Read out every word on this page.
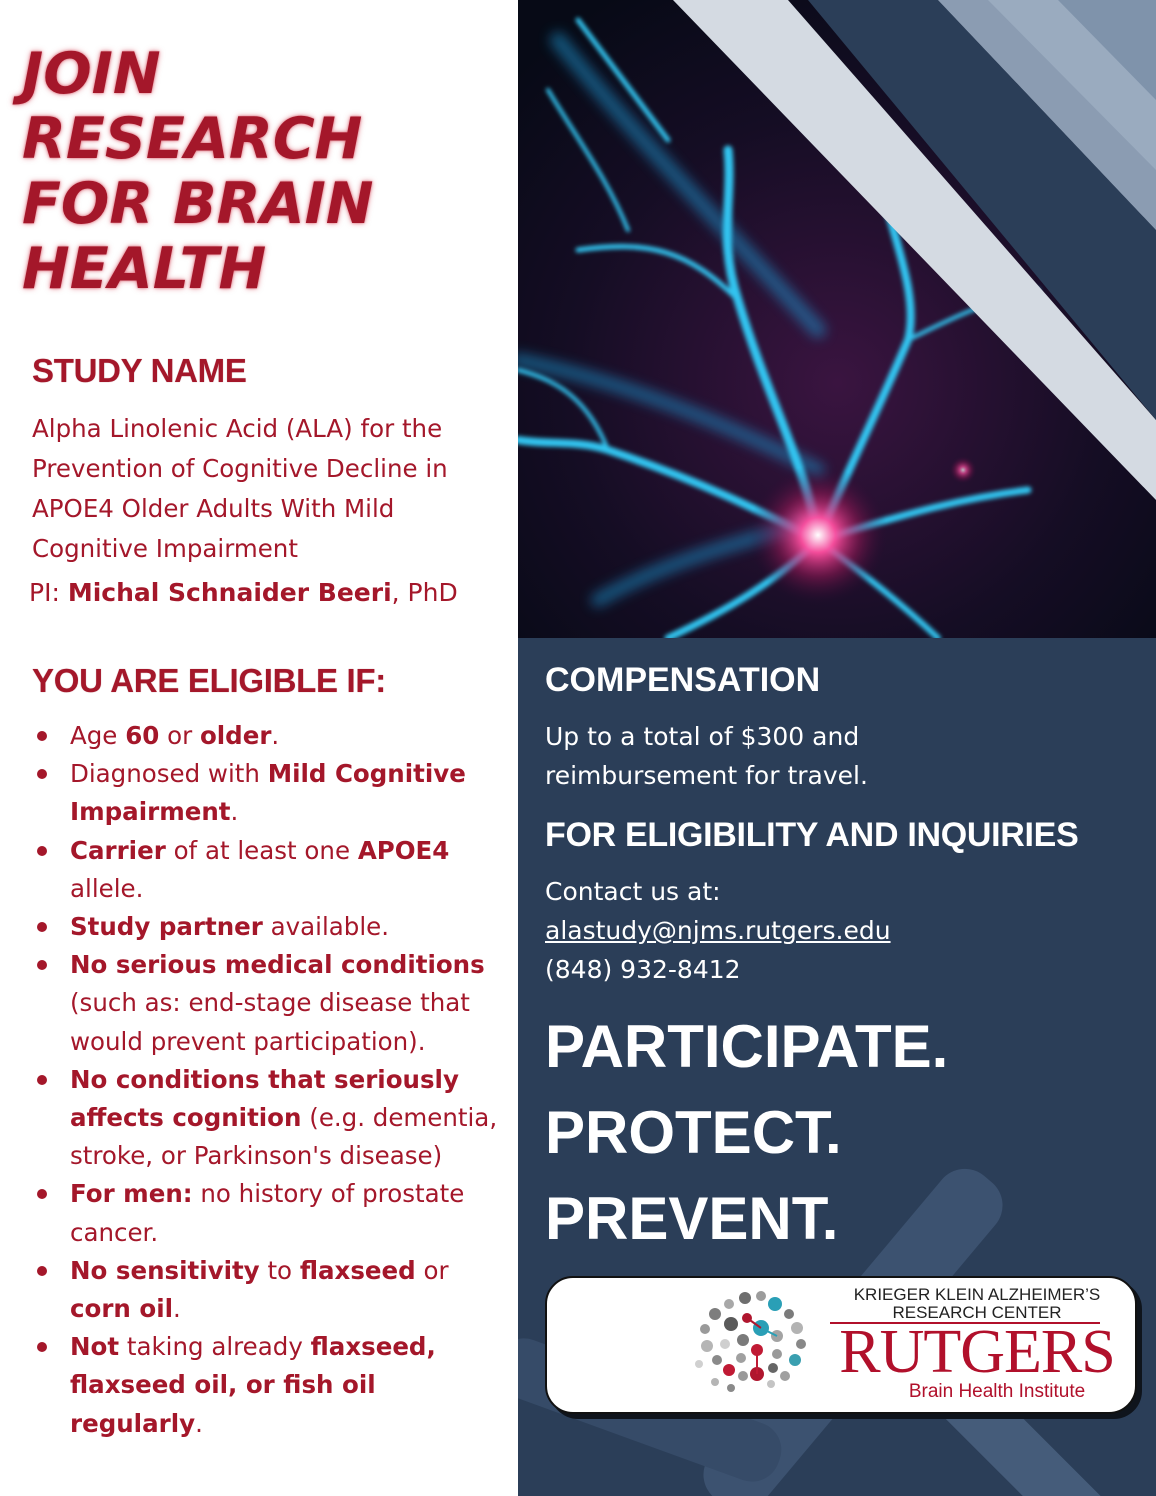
JOIN
RESEARCH
FOR BRAIN
HEALTH
STUDY NAME

Alpha Linolenic Acid (ALA) for the Prevention of Cognitive Decline in APOE4 Older Adults With Mild Cognitive Impairment

PI: Michal Schnaider Beeri, PhD

YOU ARE ELIGIBLE IF:
Age 60 or older.
Diagnosed with Mild Cognitive Impairment.
Carrier of at least one APOE4 allele.
Study partner available.
No serious medical conditions (such as: end-stage disease that would prevent participation).
No conditions that seriously affects cognition (e.g. dementia, stroke, or Parkinson's disease)
For men: no history of prostate cancer.
No sensitivity to flaxseed or corn oil.
Not taking already flaxseed, flaxseed oil, or fish oil regularly.
COMPENSATION

Up to a total of $300 and reimbursement for travel.

FOR ELIGIBILITY AND INQUIRIES

Contact us at:

alastudy@njms.rutgers.edu

(848) 932-8412

PARTICIPATE.
PROTECT.
PREVENT.
KRIEGER KLEIN ALZHEIMER’S
RESEARCH CENTER
RUTGERS
Brain Health Institute
